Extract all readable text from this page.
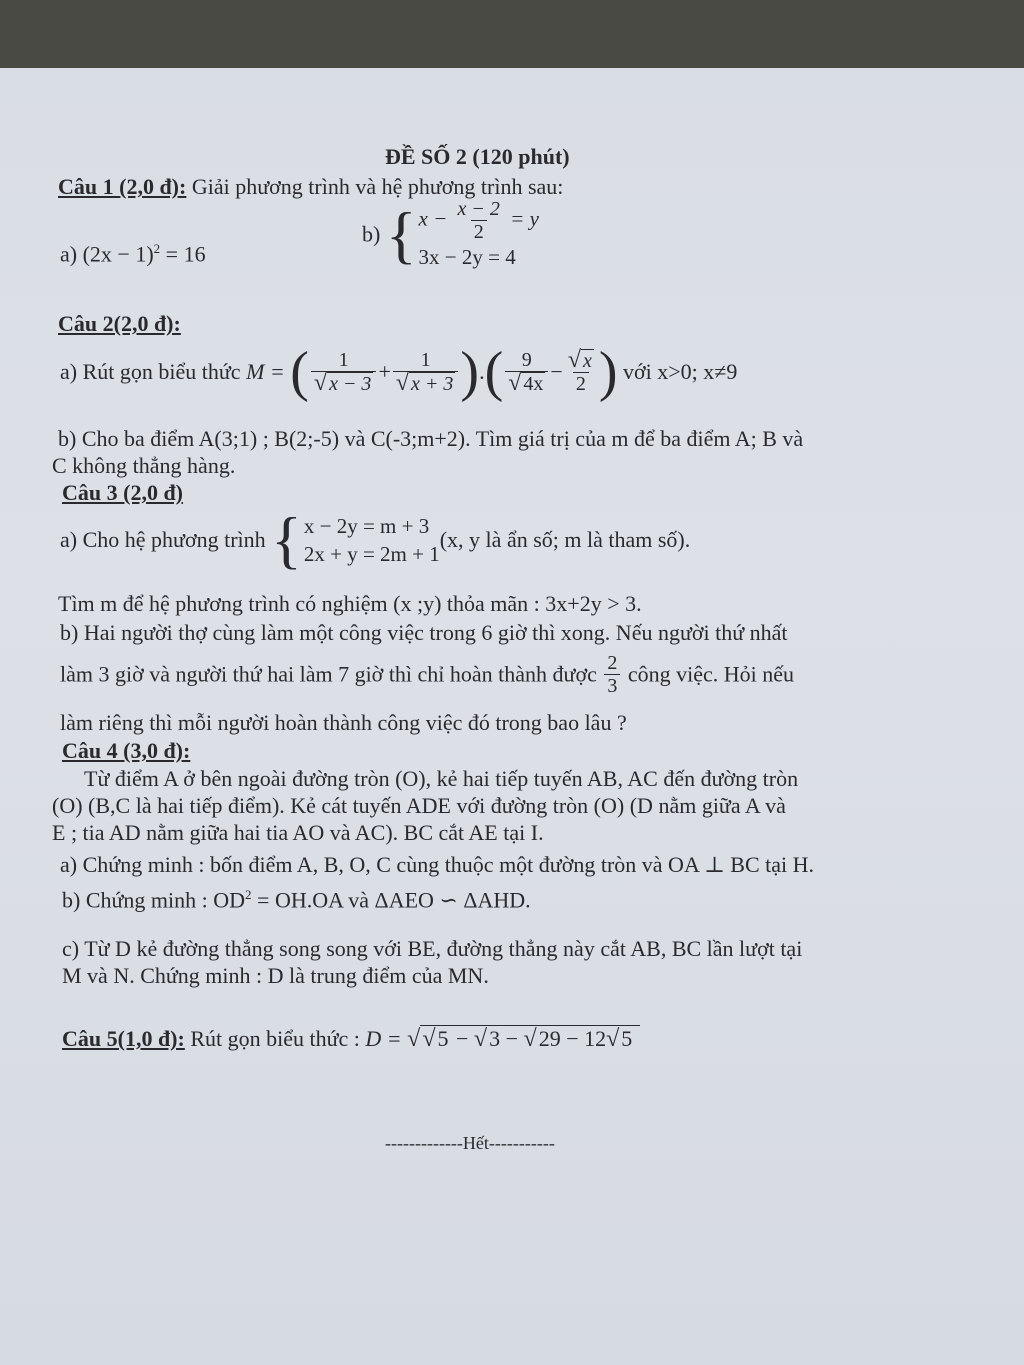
ĐỀ SỐ 2 (120 phút)
Câu 1 (2,0 đ): Giải phương trình và hệ phương trình sau:
a) $(2x - 1)^2 = 16$
b) { $x - \frac{x - 2}{2} = y$
3x − 2y = 4
Câu 2(2,0 đ):
a) Rút gọn biểu thức M = ( $\frac{1}{√ x - 3} + \frac{1}{√ x + 3}$ ).( $\frac{9}{√ 4x} - \frac{√ x}{2}$ ) với x>0; x≠9
b) Cho ba điểm A(3;1) ; B(2;-5) và C(-3;m+2). Tìm giá trị của m để ba điểm A; B và
C không thẳng hàng.
Câu 3 (2,0 đ)
a) Cho hệ phương trình { x − 2y = m + 3
2x + y = 2m + 1
(x, y là ẩn số; m là tham số).
Tìm m để hệ phương trình có nghiệm (x ;y) thỏa mãn : 3x+2y > 3.
b) Hai người thợ cùng làm một công việc trong 6 giờ thì xong. Nếu người thứ nhất
làm 3 giờ và người thứ hai làm 7 giờ thì chỉ hoàn thành được $\frac{2}{3}$ công việc. Hỏi nếu
làm riêng thì mỗi người hoàn thành công việc đó trong bao lâu ?
Câu 4 (3,0 đ):
Từ điểm A ở bên ngoài đường tròn (O), kẻ hai tiếp tuyến AB, AC đến đường tròn
(O) (B,C là hai tiếp điểm). Kẻ cát tuyến ADE với đường tròn (O) (D nằm giữa A và
E ; tia AD nằm giữa hai tia AO và AC). BC cắt AE tại I.
a) Chứng minh : bốn điểm A, B, O, C cùng thuộc một đường tròn và OA ⊥ BC tại H.
b) Chứng minh : $OD^2 = OH.OA$ và ΔAEO ∽ ΔAHD.
c) Từ D kẻ đường thẳng song song với BE, đường thẳng này cắt AB, BC lần lượt tại
M và N. Chứng minh : D là trung điểm của MN.
Câu 5(1,0 đ): Rút gọn biểu thức : D = √√5 − √3 − √29 − 12√5
-------------Hết-----------
